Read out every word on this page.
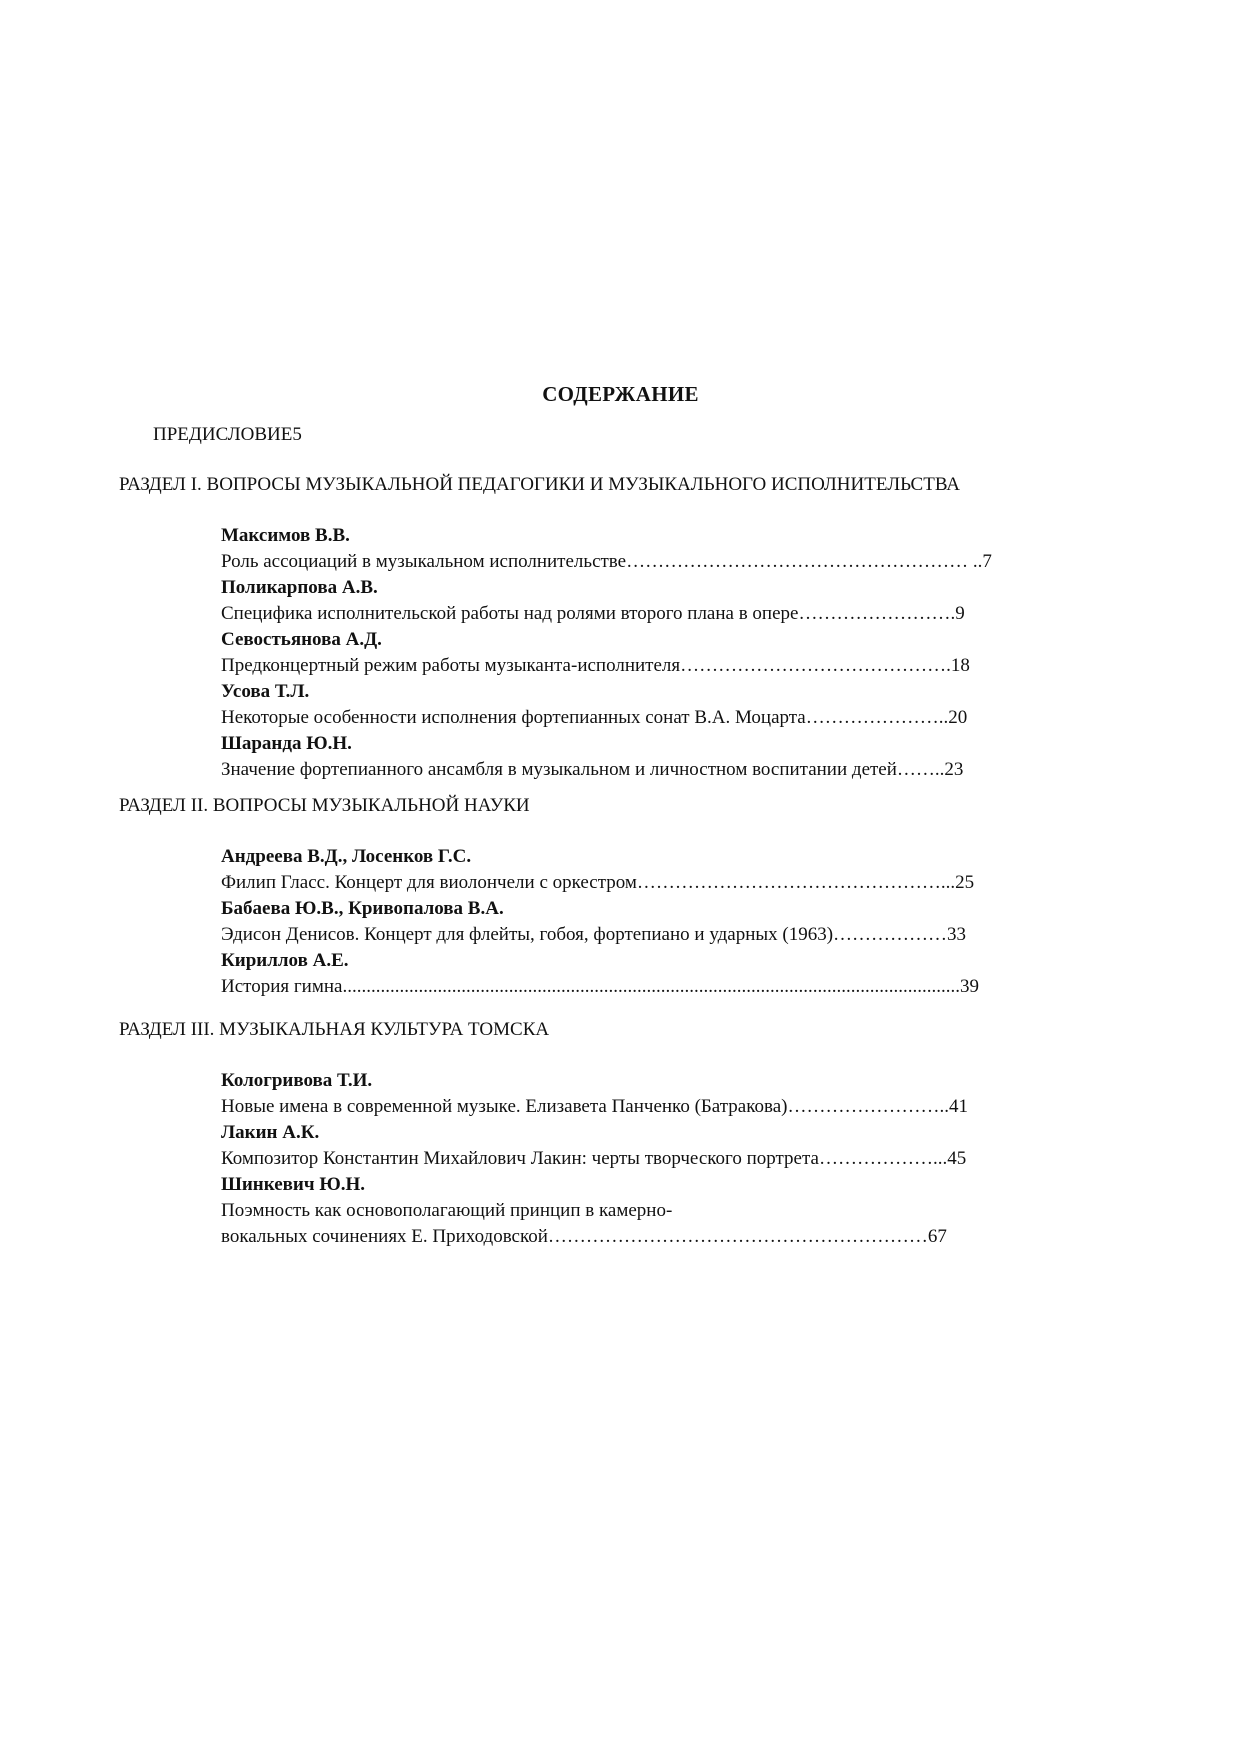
СОДЕРЖАНИЕ
ПРЕДИСЛОВИЕ5
РАЗДЕЛ I. ВОПРОСЫ МУЗЫКАЛЬНОЙ ПЕДАГОГИКИ И МУЗЫКАЛЬНОГО ИСПОЛНИТЕЛЬСТВА
Максимов В.В.
Роль ассоциаций в музыкальном исполнительстве……………………………………………… ..7
Поликарпова А.В.
Специфика исполнительской работы над ролями второго плана в опере…………………….9
Севостьянова А.Д.
Предконцертный режим работы музыканта-исполнителя…………………………………….18
Усова Т.Л.
Некоторые особенности исполнения фортепианных сонат В.А. Моцарта…………………..20
Шаранда Ю.Н.
Значение фортепианного ансамбля в музыкальном и личностном воспитании детей……..23
РАЗДЕЛ II. ВОПРОСЫ МУЗЫКАЛЬНОЙ НАУКИ
Андреева В.Д., Лосенков Г.С.
Филип Гласс. Концерт для виолончели с оркестром…………………………………………...25
Бабаева Ю.В., Кривопалова В.А.
Эдисон Денисов. Концерт для флейты, гобоя, фортепиано и ударных (1963)………………33
Кириллов А.Е.
История гимна..................................................................................................................................39
РАЗДЕЛ III. МУЗЫКАЛЬНАЯ КУЛЬТУРА ТОМСКА
Кологривова Т.И.
Новые имена в современной музыке. Елизавета Панченко (Батракова)……………………..41
Лакин А.К.
Композитор Константин Михайлович Лакин: черты творческого портрета………………...45
Шинкевич Ю.Н.
Поэмность как основополагающий принцип в камерно-
вокальных сочинениях Е. Приходовской……………………………………………………67
